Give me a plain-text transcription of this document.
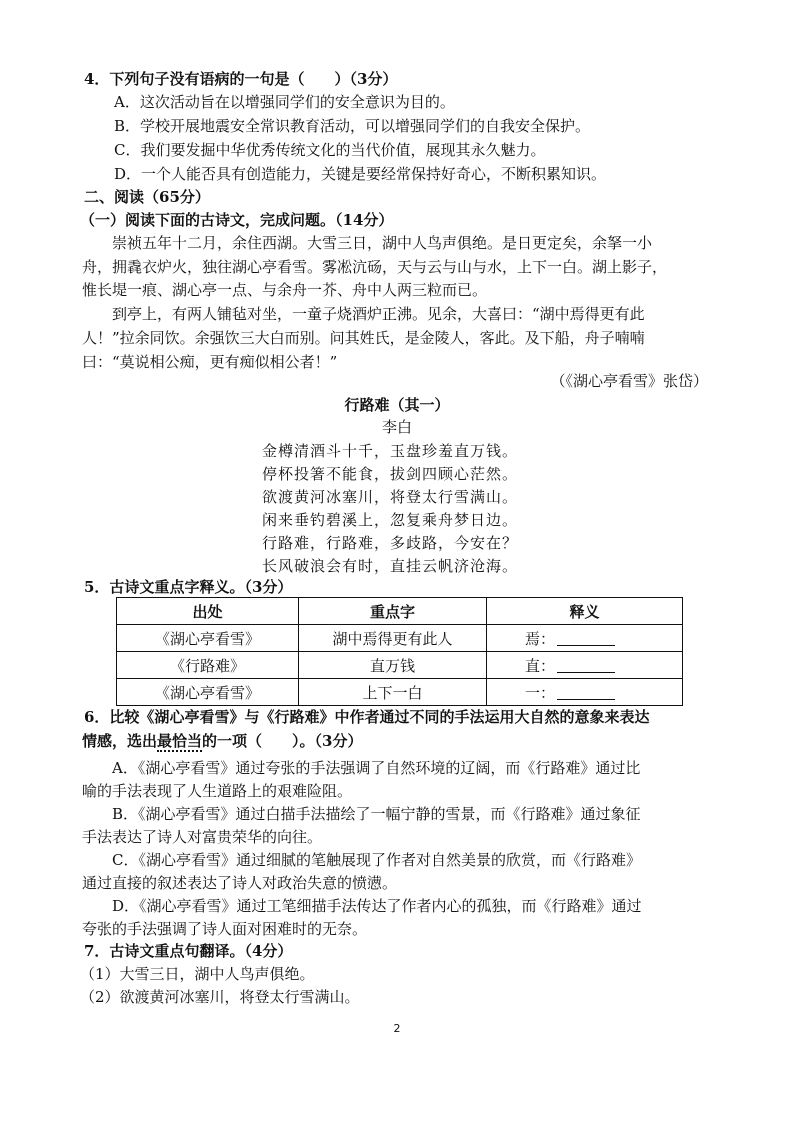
4．下列句子没有语病的一句是（　　）（3分）
A．这次活动旨在以增强同学们的安全意识为目的。
B．学校开展地震安全常识教育活动，可以增强同学们的自我安全保护。
C．我们要发掘中华优秀传统文化的当代价值，展现其永久魅力。
D．一个人能否具有创造能力，关键是要经常保持好奇心，不断积累知识。
二、阅读（65分）
（一）阅读下面的古诗文，完成问题。（14分）
崇祯五年十二月，余住西湖。大雪三日，湖中人鸟声俱绝。是日更定矣，余拏一小
舟，拥毳衣炉火，独往湖心亭看雪。雾凇沆砀，天与云与山与水，上下一白。湖上影子，
惟长堤一痕、湖心亭一点、与余舟一芥、舟中人两三粒而已。
到亭上，有两人铺毡对坐，一童子烧酒炉正沸。见余，大喜曰：“湖中焉得更有此
人！”拉余同饮。余强饮三大白而别。问其姓氏，是金陵人，客此。及下船，舟子喃喃
曰：“莫说相公痴，更有痴似相公者！”
（《湖心亭看雪》张岱）
行路难（其一）
李白
金樽清酒斗十千，玉盘珍羞直万钱。
停杯投箸不能食，拔剑四顾心茫然。
欲渡黄河冰塞川，将登太行雪满山。
闲来垂钓碧溪上，忽复乘舟梦日边。
行路难，行路难，多歧路，今安在？
长风破浪会有时，直挂云帆济沧海。
5．古诗文重点字释义。（3分）
出处	重点字	释义
《湖心亭看雪》	湖中焉得更有此人	焉：
《行路难》	直万钱	直：
《湖心亭看雪》	上下一白	一：
6．比较《湖心亭看雪》与《行路难》中作者通过不同的手法运用大自然的意象来表达
情感，选出最恰当的一项（　　）。（3分）
A．《湖心亭看雪》通过夸张的手法强调了自然环境的辽阔，而《行路难》通过比
喻的手法表现了人生道路上的艰难险阻。
B．《湖心亭看雪》通过白描手法描绘了一幅宁静的雪景，而《行路难》通过象征
手法表达了诗人对富贵荣华的向往。
C．《湖心亭看雪》通过细腻的笔触展现了作者对自然美景的欣赏，而《行路难》
通过直接的叙述表达了诗人对政治失意的愤懑。
D．《湖心亭看雪》通过工笔细描手法传达了作者内心的孤独，而《行路难》通过
夸张的手法强调了诗人面对困难时的无奈。
7．古诗文重点句翻译。（4分）
（1）大雪三日，湖中人鸟声俱绝。
（2）欲渡黄河冰塞川，将登太行雪满山。
2
